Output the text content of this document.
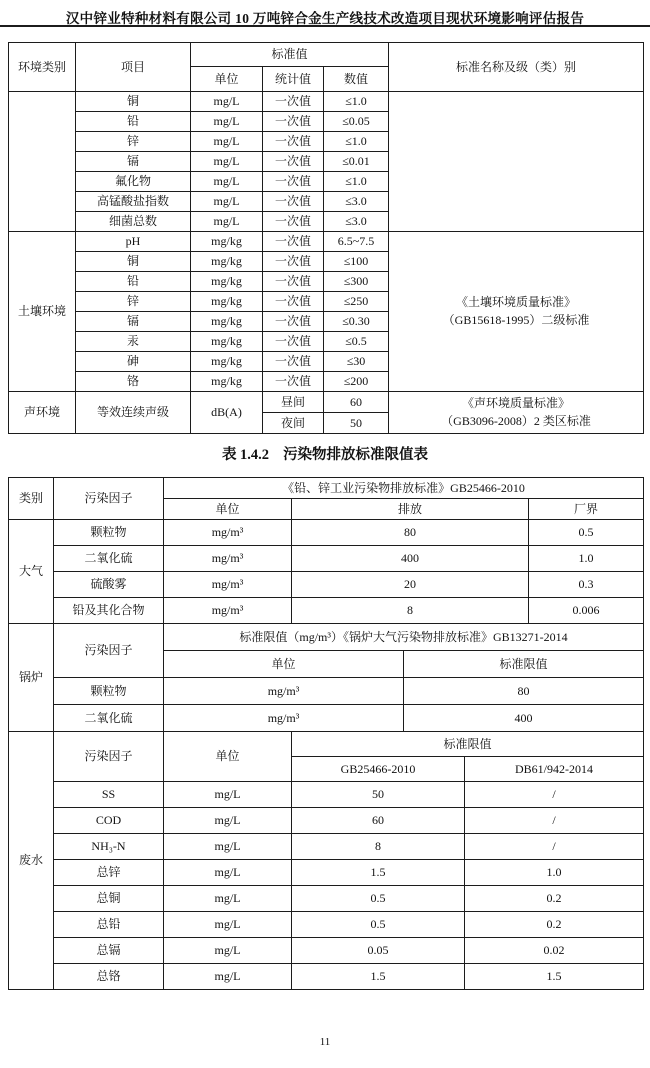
汉中锌业特种材料有限公司 10 万吨锌合金生产线技术改造项目现状环境影响评估报告
环境类别	项目	标准值			标准名称及级（类）别
		单位	统计值	数值	
	铜	mg/L	一次值	≤1.0	
	铅	mg/L	一次值	≤0.05	
	锌	mg/L	一次值	≤1.0	
	镉	mg/L	一次值	≤0.01	
	氟化物	mg/L	一次值	≤1.0	
	高锰酸盐指数	mg/L	一次值	≤3.0	
	细菌总数	mg/L	一次值	≤3.0	
土壤环境	pH	mg/kg	一次值	6.5~7.5	《土壤环境质量标准》
（GB15618-1995）二级标准

	铜	mg/kg	一次值	≤100	
	铅	mg/kg	一次值	≤300	
	锌	mg/kg	一次值	≤250	
	镉	mg/kg	一次值	≤0.30	
	汞	mg/kg	一次值	≤0.5	
	砷	mg/kg	一次值	≤30	
	铬	mg/kg	一次值	≤200	
声环境	等效连续声级	dB(A)	昼间	60	《声环境质量标准》
（GB3096-2008）2 类区标准

			夜间	50	
表 1.4.2 污染物排放标准限值表
类别	污染因子	《铅、锌工业污染物排放标准》GB25466-2010				
		单位	排放			厂界
大气	颗粒物	mg/m³	80			0.5
	二氧化硫	mg/m³	400			1.0
	硫酸雾	mg/m³	20			0.3
	铅及其化合物	mg/m³	8			0.006
锅炉	污染因子	标准限值（mg/m³）《锅炉大气污染物排放标准》GB13271-2014				
		单位		标准限值		
	颗粒物	mg/m³		80		
	二氧化硫	mg/m³		400		
废水	污染因子	单位	标准限值			
			GB25466-2010		DB61/942-2014	
	SS	mg/L	50		/	
	COD	mg/L	60		/	
	NH₃-N	mg/L	8		/	
	总锌	mg/L	1.5		1.0	
	总铜	mg/L	0.5		0.2	
	总铅	mg/L	0.5		0.2	
	总镉	mg/L	0.05		0.02	
	总铬	mg/L	1.5		1.5	
11
